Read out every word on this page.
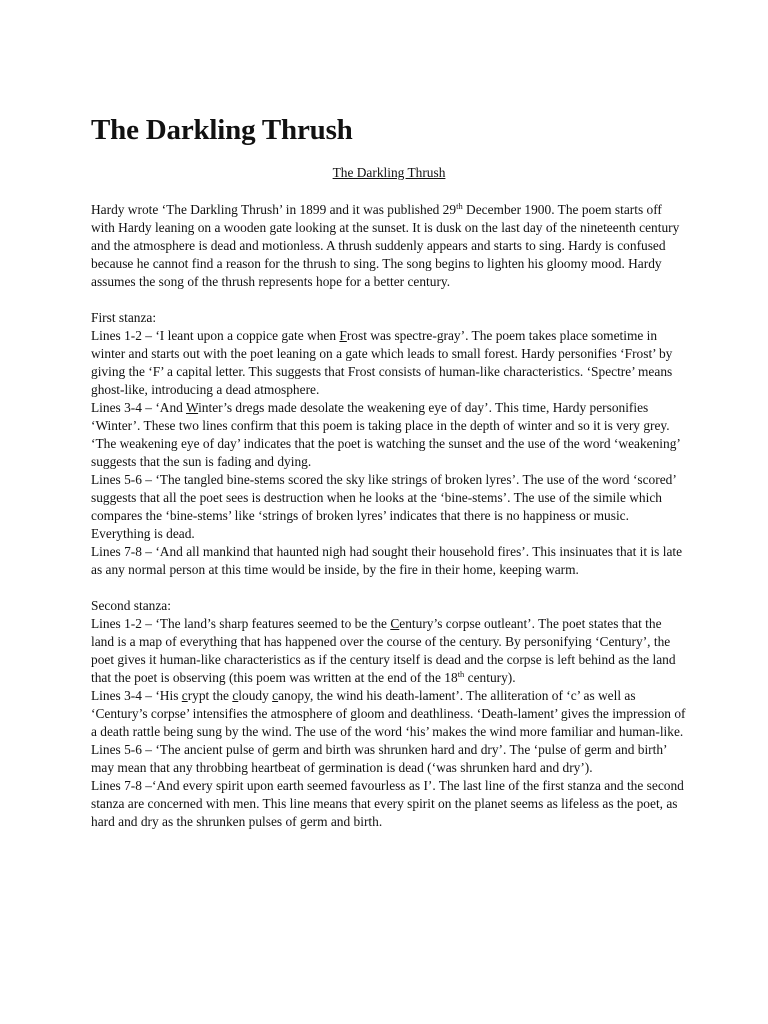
The Darkling Thrush

The Darkling Thrush

Hardy wrote ‘The Darkling Thrush’ in 1899 and it was published 29th December 1900. The poem starts off with Hardy leaning on a wooden gate looking at the sunset. It is dusk on the last day of the nineteenth century and the atmosphere is dead and motionless. A thrush suddenly appears and starts to sing. Hardy is confused because he cannot find a reason for the thrush to sing. The song begins to lighten his gloomy mood. Hardy assumes the song of the thrush represents hope for a better century.

First stanza:

Lines 1-2 – ‘I leant upon a coppice gate when Frost was spectre-gray’. The poem takes place sometime in winter and starts out with the poet leaning on a gate which leads to small forest. Hardy personifies ‘Frost’ by giving the ‘F’ a capital letter. This suggests that Frost consists of human-like characteristics. ‘Spectre’ means ghost-like, introducing a dead atmosphere.

Lines 3-4 – ‘And Winter’s dregs made desolate the weakening eye of day’. This time, Hardy personifies ‘Winter’. These two lines confirm that this poem is taking place in the depth of winter and so it is very grey. ‘The weakening eye of day’ indicates that the poet is watching the sunset and the use of the word ‘weakening’ suggests that the sun is fading and dying.

Lines 5-6 – ‘The tangled bine-stems scored the sky like strings of broken lyres’. The use of the word ‘scored’ suggests that all the poet sees is destruction when he looks at the ‘bine-stems’. The use of the simile which compares the ‘bine-stems’ like ‘strings of broken lyres’ indicates that there is no happiness or music. Everything is dead.

Lines 7-8 – ‘And all mankind that haunted nigh had sought their household fires’. This insinuates that it is late as any normal person at this time would be inside, by the fire in their home, keeping warm.

Second stanza:

Lines 1-2 – ‘The land’s sharp features seemed to be the Century’s corpse outleant’. The poet states that the land is a map of everything that has happened over the course of the century. By personifying ‘Century’, the poet gives it human-like characteristics as if the century itself is dead and the corpse is left behind as the land that the poet is observing (this poem was written at the end of the 18th century).

Lines 3-4 – ‘His crypt the cloudy canopy, the wind his death-lament’. The alliteration of ‘c’ as well as ‘Century’s corpse’ intensifies the atmosphere of gloom and deathliness. ‘Death-lament’ gives the impression of a death rattle being sung by the wind. The use of the word ‘his’ makes the wind more familiar and human-like.

Lines 5-6 – ‘The ancient pulse of germ and birth was shrunken hard and dry’. The ‘pulse of germ and birth’ may mean that any throbbing heartbeat of germination is dead (‘was shrunken hard and dry’).

Lines 7-8 –‘And every spirit upon earth seemed favourless as I’. The last line of the first stanza and the second stanza are concerned with men. This line means that every spirit on the planet seems as lifeless as the poet, as hard and dry as the shrunken pulses of germ and birth.
